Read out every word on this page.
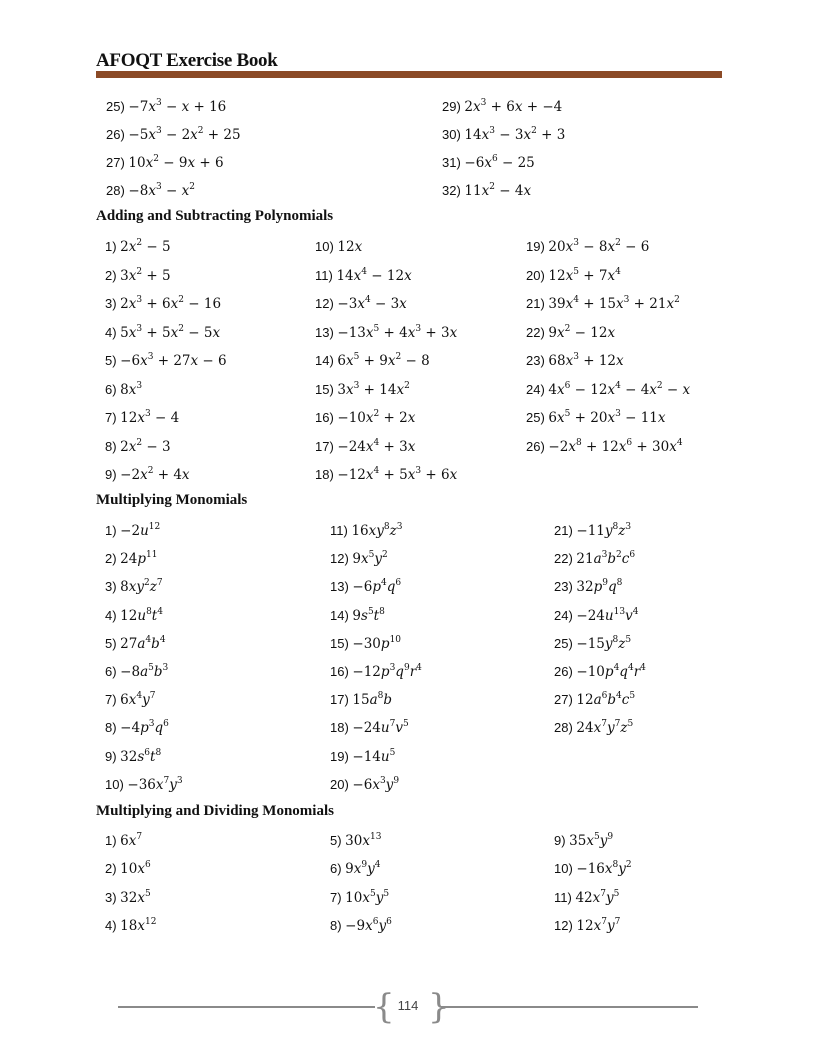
AFOQT Exercise Book
$25) -7x^3 - x + 16$	29) $2x^3 + 6x + -4$
$26) -5x^3 - 2x^2 + 25$	30) $14x^3 - 3x^2 + 3$
27) $10x^2 - 9x + 6$	$31) -6x^6 - 25$
$28) -8x^3 - x^2$	32) $11x^2 - 4x$
Adding and Subtracting Polynomials
1) $2x^2 - 5$	10) 12x	19) $20x^3 - 8x^2 - 6$
2) $3x^2 + 5$	11) $14x^4 - 12x$	20) $12x^5 + 7x^4$
3) $2x^3 + 6x^2 - 16$	$12) -3x^4 - 3x$	21) $39x^4 + 15x^3 + 21x^2$
4) $5x^3 + 5x^2 - 5x$	$13) -13x^5 + 4x^3 + 3x$	22) $9x^2 - 12x$
$5) -6x^3 + 27x - 6$	14) $6x^5 + 9x^2 - 8$	23) $68x^3 + 12x$
6) $8x^3$	15) $3x^3 + 14x^2$	24) $4x^6 - 12x^4 - 4x^2 - x$
7) $12x^3 - 4$	$16) -10x^2 + 2x$	25) $6x^5 + 20x^3 - 11x$
8) $2x^2 - 3$	$17) -24x^4 + 3x$	$26) -2x^8 + 12x^6 + 30x^4$
$9) -2x^2 + 4x$	$18) -12x^4 + 5x^3 + 6x$
Multiplying Monomials
$1) -2u^{12}$	11) $16xy^8z^3$	$21) -11y^8z^3$
2) $24p^{11}$	12) $9x^5y^2$	22) $21a^3b^2c^6$
3) $8xy^2z^7$	$13) -6p^4q^6$	23) $32p^9q^8$
4) $12u^8t^4$	14) $9s^5t^8$	$24) -24u^{13}v^4$
5) $27a^4b^4$	$15) -30p^{10}$	$25) -15y^8z^5$
$6) -8a^5b^3$	$16) -12p^3q^9r^4$	$26) -10p^4q^4r^4$
7) $6x^4y^7$	17) $15a^8b$	27) $12a^6b^4c^5$
$8) -4p^3q^6$	$18) -24u^7v^5$	28) $24x^7y^7z^5$
9) $32s^6t^8$	$19) -14u^5$
$10) -36x^7y^3$	$20) -6x^3y^9$
Multiplying and Dividing Monomials
1) $6x^7$	5) $30x^{13}$	9) $35x^5y^9$
2) $10x^6$	6) $9x^9y^4$	$10) -16x^8y^2$
3) $32x^5$	7) $10x^5y^5$	11) $42x^7y^5$
4) $18x^{12}$	$8) -9x^6y^6$	12) $12x^7y^7$
{ }
114
